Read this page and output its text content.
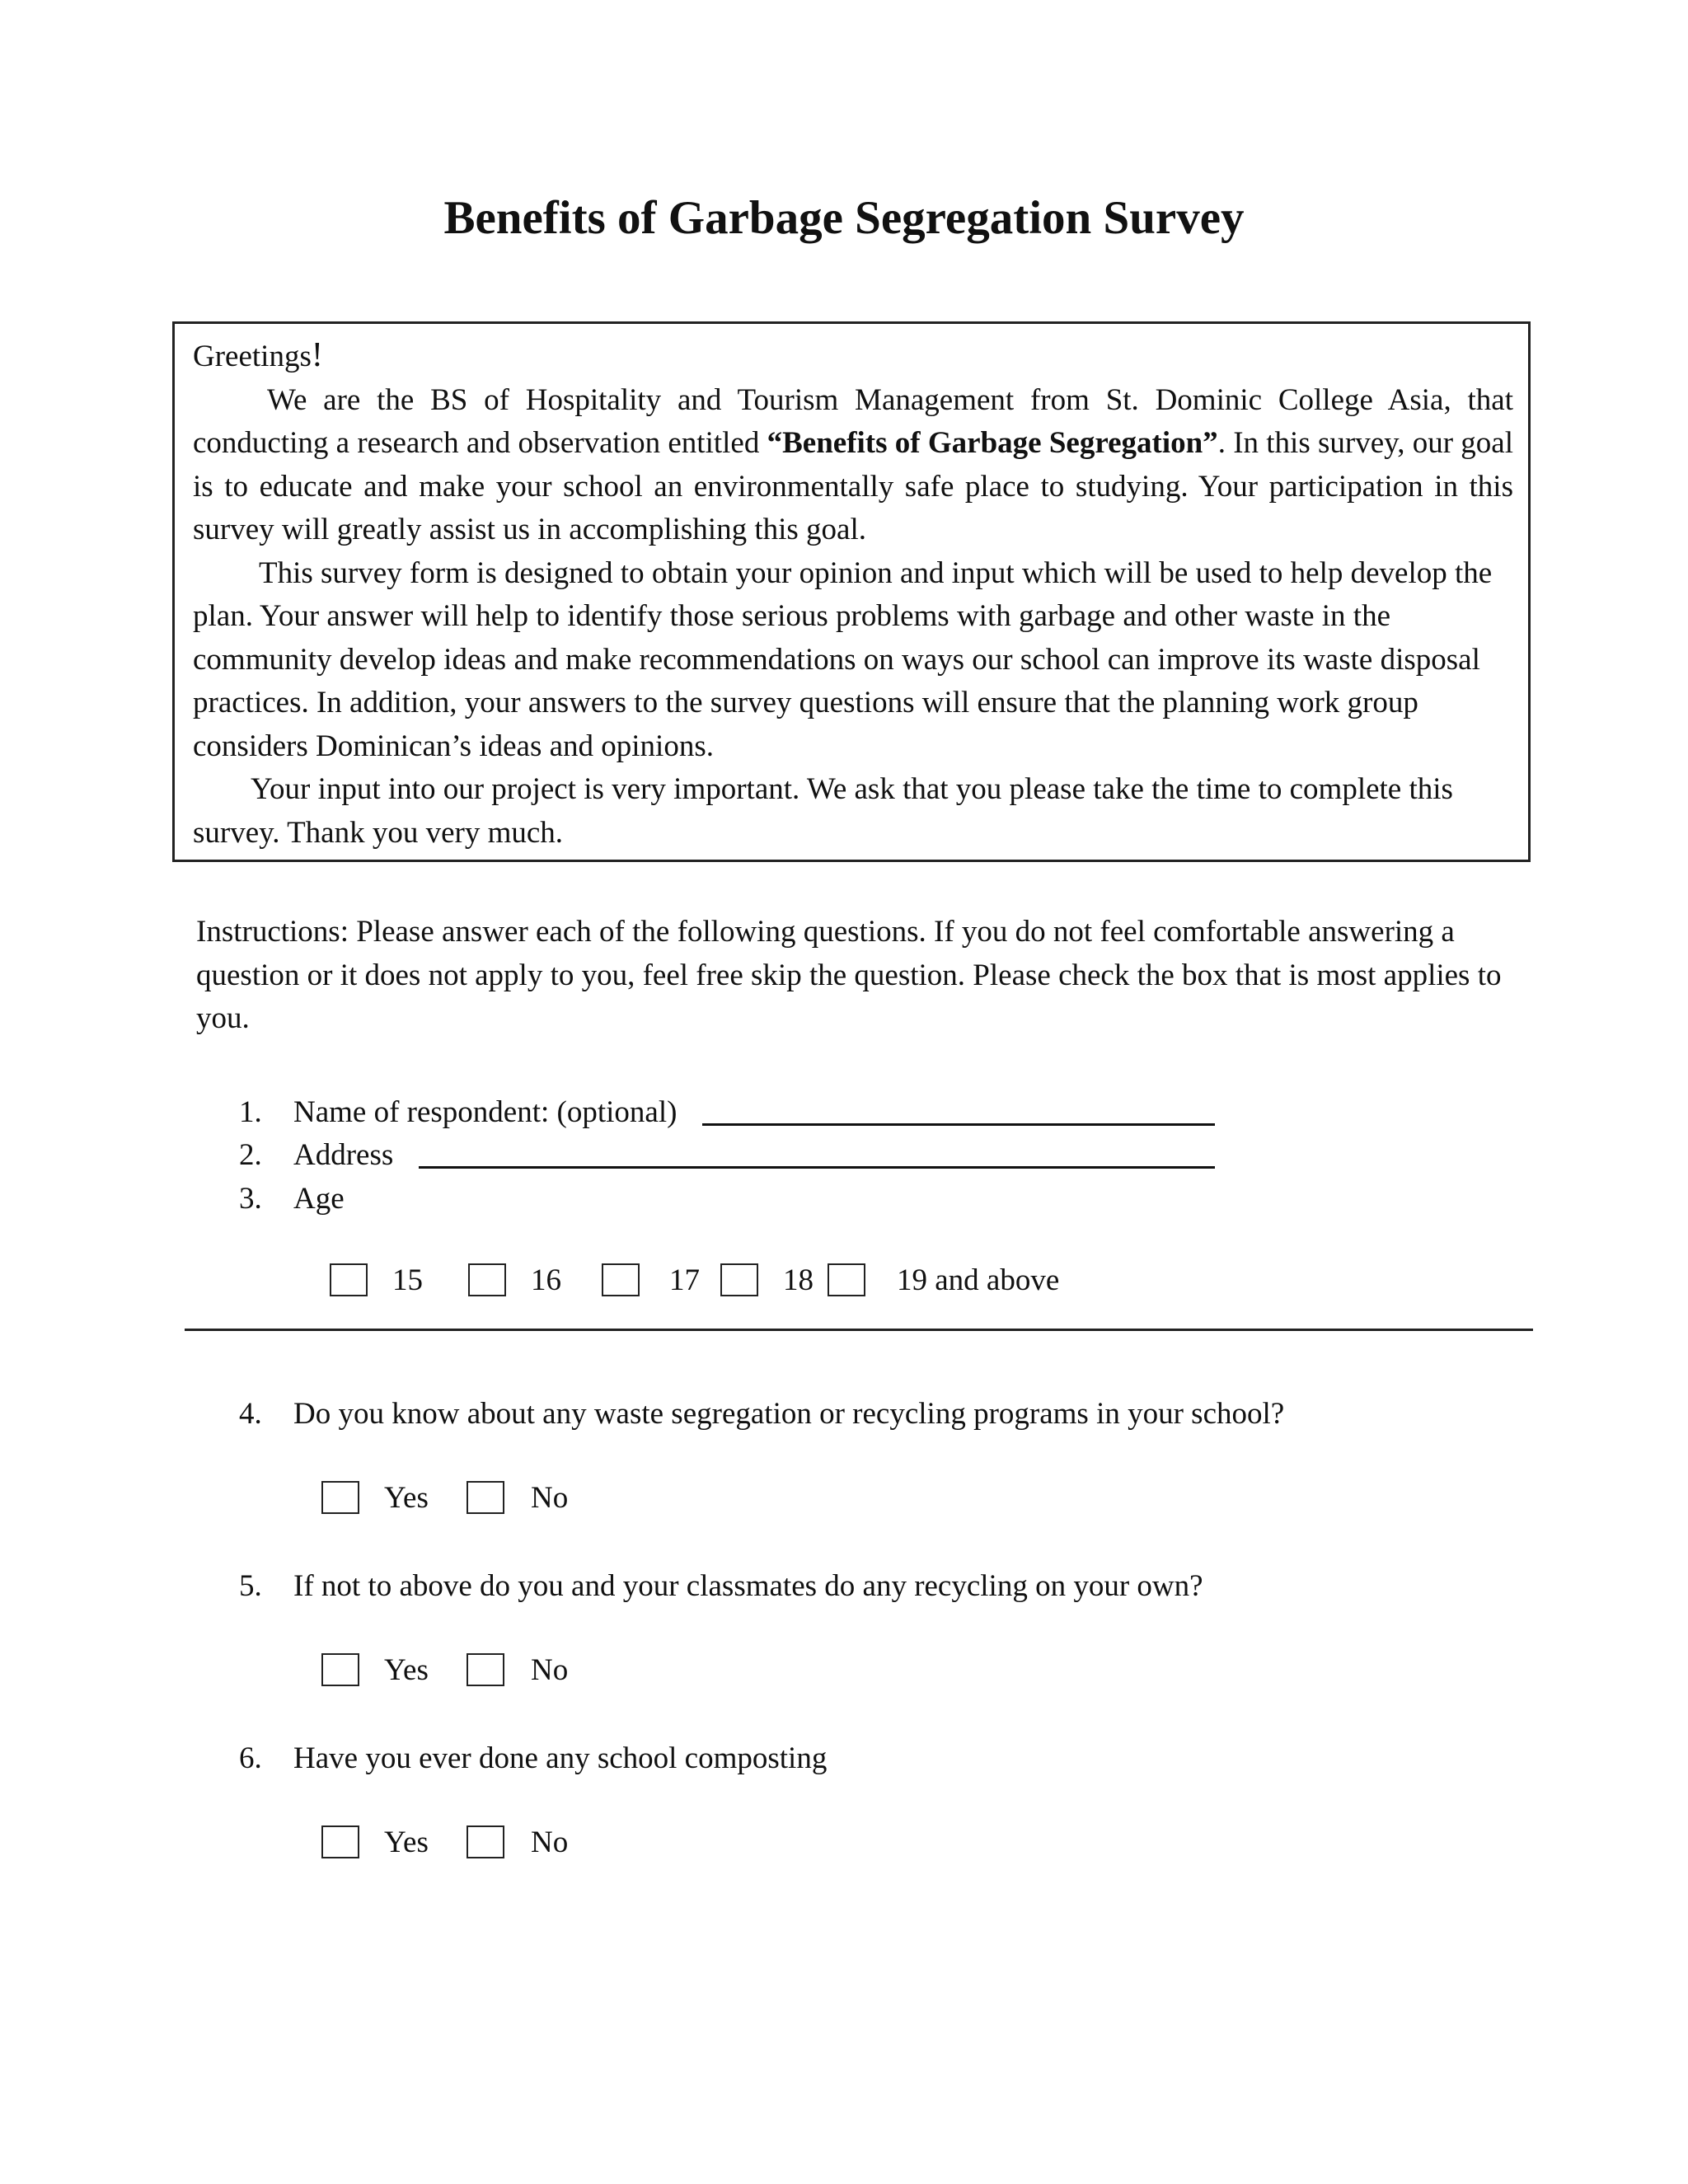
Benefits of Garbage Segregation Survey

Greetings!

We are the BS of Hospitality and Tourism Management from St. Dominic College Asia, that conducting a research and observation entitled “Benefits of Garbage Segregation”. In this survey, our goal is to educate and make your school an environmentally safe place to studying. Your participation in this survey will greatly assist us in accomplishing this goal.

This survey form is designed to obtain your opinion and input which will be used to help develop the plan. Your answer will help to identify those serious problems with garbage and other waste in the community develop ideas and make recommendations on ways our school can improve its waste disposal practices. In addition, your answers to the survey questions will ensure that the planning work group considers Dominican’s ideas and opinions.

Your input into our project is very important. We ask that you please take the time to complete this survey. Thank you very much.

Instructions: Please answer each of the following questions. If you do not feel comfortable answering a question or it does not apply to you, feel free skip the question. Please check the box that is most applies to you.

1. Name of respondent: (optional)
2. Address
3. Age
15	16	17	18	19 and above
4. Do you know about any waste segregation or recycling programs in your school?
Yes	No
5. If not to above do you and your classmates do any recycling on your own?
Yes	No
6. Have you ever done any school composting
Yes	No
